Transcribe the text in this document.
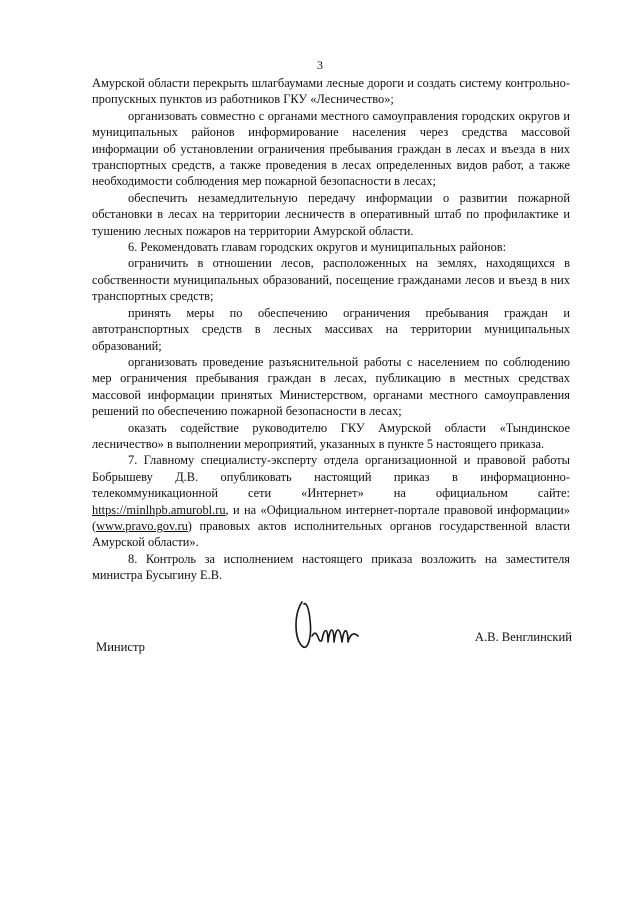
3

Амурской области перекрыть шлагбаумами лесные дороги и создать систему контрольно-пропускных пунктов из работников ГКУ «Лесничество»;

организовать совместно с органами местного самоуправления городских округов и муниципальных районов информирование населения через средства массовой информации об установлении ограничения пребывания граждан в лесах и въезда в них транспортных средств, а также проведения в лесах определенных видов работ, а также необходимости соблюдения мер пожарной безопасности в лесах;

обеспечить незамедлительную передачу информации о развитии пожарной обстановки в лесах на территории лесничеств в оперативный штаб по профилактике и тушению лесных пожаров на территории Амурской области.

6. Рекомендовать главам городских округов и муниципальных районов:

ограничить в отношении лесов, расположенных на землях, находящихся в собственности муниципальных образований, посещение гражданами лесов и въезд в них транспортных средств;

принять меры по обеспечению ограничения пребывания граждан и автотранспортных средств в лесных массивах на территории муниципальных образований;

организовать проведение разъяснительной работы с населением по соблюдению мер ограничения пребывания граждан в лесах, публикацию в местных средствах массовой информации принятых Министерством, органами местного самоуправления решений по обеспечению пожарной безопасности в лесах;

оказать содействие руководителю ГКУ Амурской области «Тындинское лесничество» в выполнении мероприятий, указанных в пункте 5 настоящего приказа.

7. Главному специалисту-эксперту отдела организационной и правовой работы Бобрышеву Д.В. опубликовать настоящий приказ в информационно-телекоммуникационной сети «Интернет» на официальном сайте: https://minlhpb.amurobl.ru, и на «Официальном интернет-портале правовой информации» (www.pravo.gov.ru) правовых актов исполнительных органов государственной власти Амурской области».

8. Контроль за исполнением настоящего приказа возложить на заместителя министра Бусыгину Е.В.

Министр
А.В. Венглинский
